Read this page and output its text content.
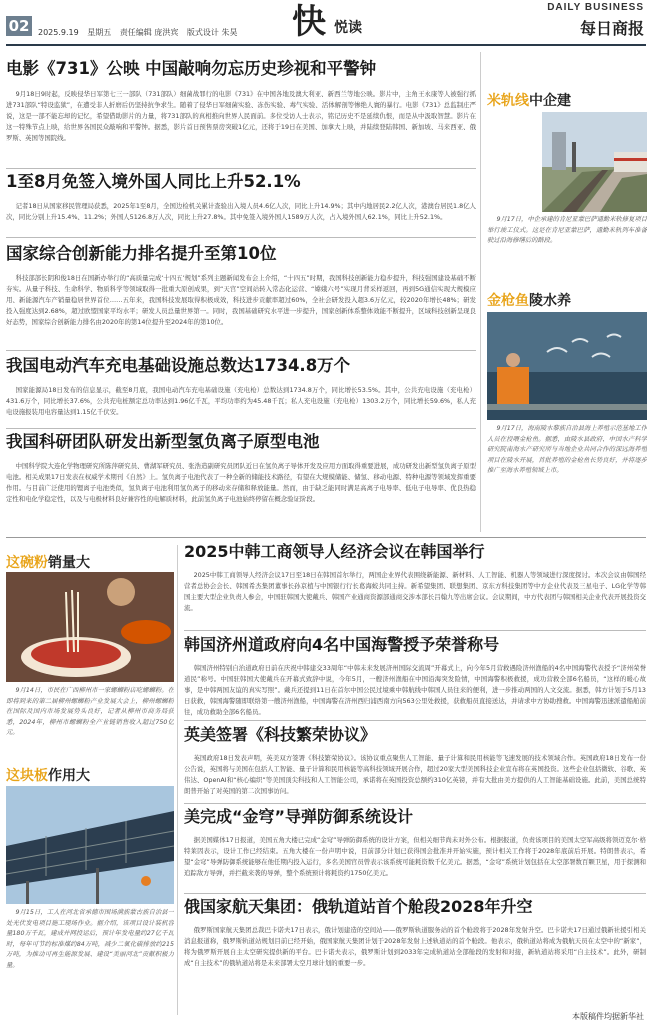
02	2025.9.19 星期五 责任编辑 庞洪宾 版式设计 朱昊 快 悦读
DAILY BUSINESS
每日商报
电影《731》公映 中国敲响勿忘历史珍视和平警钟
9月18日9时起，反映侵华日军第七三一部队（731部队）细菌战罪行的电影《731》在中国各地及澳大利亚、新西兰等地公映。影片中，主角王永康等人被强行抓进731部队“特设监狱”，在遭受非人折磨后仍坚持抗争求生。随着了侵华日军细菌实验、冻伤实验、毒气实验、活体解剖等惨绝人寰的暴行。电影《731》总监制庄严说，这是一部不能忘却的记忆，希望借助影片的力量，将731部队的真相推向世界人民面前。多位受访人士表示，铭记历史不是延续仇恨，而是从中汲取智慧。影片在这一特殊节点上映，给世界各国民众敲响和平警钟。据悉，影片首日预售票房突破1亿元，还将于19日在美国、加拿大上映，并陆续登陆韩国、新加坡、马来西亚、俄罗斯、英国等国院线。
1至8月免签入境外国人同比上升52.1%
记者18日从国家移民管理局获悉，2025年1至8月，全国边检机关累计查验出入境人员4.6亿人次，同比上升14.9%；其中内地居民2.2亿人次，港澳台居民1.8亿人次，同比分别上升15.4%、11.2%；外国人5126.8万人次，同比上升27.8%。其中免签入境外国人1589万人次，占入境外国人62.1%，同比上升52.1%。
国家综合创新能力排名提升至第10位
科技部部长阴和俊18日在国新办举行的“高质量完成‘十四五’规划”系列主题新闻发布会上介绍，“十四五”时期，我国科技创新能力稳步提升，科技强国建设基础不断夯实。从量子科技、生命科学、物质科学等领域取得一批重大原创成果，到“天宫”空间站转入常态化运营、“嫦娥六号”实现月背采样返回，再到5G通信实现大规模应用、新能源汽车产销量稳居世界首位……五年来，我国科技发展取得积极成效，科技进步贡献率超过60%，全社会研发投入超3.6万亿元，较2020年增长48%；研发投入强度达到2.68%，超过欧盟国家平均水平；研发人员总量世界第一。同时，我国基础研究水平进一步提升，国家创新体系整体效能不断提升，区域科技创新呈现良好态势，国家综合创新能力排名由2020年的第14位提升至2024年的第10位。
我国电动汽车充电基础设施总数达1734.8万个
国家能源局18日发布的信息显示，截至8月底，我国电动汽车充电基础设施（充电枪）总数达到1734.8万个，同比增长53.5%。其中，公共充电设施（充电枪）431.6万个，同比增长37.6%，公共充电桩额定总功率达到1.96亿千瓦，平均功率约为45.48千瓦；私人充电设施（充电枪）1303.2万个，同比增长59.6%，私人充电设施报装用电容量达到1.15亿千伏安。
我国科研团队研发出新型氢负离子原型电池
中国科学院大连化学物理研究所陈萍研究员、曹湖军研究员、张浩造副研究员团队近日在氢负离子导体开发及应用方面取得重要进展，成功研发出新型氢负离子原型电池。相关成果17日发表在权威学术期刊《自然》上。氢负离子电池代表了一种全新的储能技术路径，有望在大规模储能、储氢、移动电源、特种电源等领域发挥重要作用。与目前广泛使用的锂离子电池类似，氢负离子电池利用氢负离子的移动来存储和释放能量。然而，由于缺乏能同时满足高离子电导率、低电子电导率、优良热稳定性和电化学稳定性，以及与电极材料良好兼容性的电解质材料，此前氢负离子电池始终停留在概念验证阶段。
2025中韩工商领导人经济会议在韩国举行
2025中韩工商领导人经济会议17日至18日在韩国首尔举行，两国企业界代表围绕新能源、新材料、人工智能、机器人等领域进行深度探讨。本次会议由韩国经营者总协会会长、韩国希杰集团董事长孙京植与中国银行行长葛海蛟共同主持。新希望集团、联想集团、京东方科技集团等中方企业代表及三星电子、LG化学等韩国主要大型企业负责人参会，中国驻韩国大使戴兵、韩国产业通商资源部通商交涉本部长吕翰九等出席会议。会议期间，中方代表团与韩国相关企业代表开展投资交流。
韩国济州道政府向4名中国海警授予荣誉称号
韩国济州特别自治道政府日前在庆祝中韩建交33周年“中韩未来发展济州国际交流周”开幕式上，向今年5月营救遇险济州渔船的4名中国海警代表授予“济州荣誉道民”称号。中国驻韩国大使戴兵在开幕式致辞中说，今年5月，一艘济州渔船在中国沿海突发险情，中国海警积极救援，成功营救全部6名船员，“这样的暖心故事，是中韩两国友谊的真实写照”。戴兵还提到11日在首尔中国公民过境乘中韩航线中韩国人员往来的便利，进一步推动两国的人文交流。据悉，韩方计划于5月13日获救，韩国海警随即联络第一艘济州渔船，中国海警在济州西归浦西南方向563公里处救援，获救船员直接送达，并请求中方协助搜救。中国海警迅速派遣船舶前往，成功救助全部6名船员。
英美签署《科技繁荣协议》
英国政府18日发表声明，英美双方签署《科技繁荣协议》。该协议重点聚焦人工智能、量子计算和民用核能等飞速发展的技术领域合作。英国政府18日发布一份公告说，英国将与美国在包括人工智能、量子计算和民用核能等高科技领域开展合作，超过20家大型美国科技企业宣布将在英国投资。这些企业包括微软、谷歌、英伟达、OpenAI和“核心编织”等美国顶尖科技和人工智能公司，承诺将在英国投资总额约310亿英镑，并有大批由美方提供的人工智能基础设施。此前，美国总统特朗普开始了对英国的第二次国事访问。
美完成“金穹”导弹防御系统设计
据美国媒体17日报道，美国五角大楼已完成“金穹”导弹防御系统的设计方案，但相关细节尚未对外公布。根据报道，负责该项目的美国太空军高级将领迈克尔·格特莱因表示，设计工作已经结束。五角大楼在一份声明中说，目前部分计划已获得国会批准并开始实施，预计相关工作将于2028年底前后开展。特朗普表示，希望“金穹”导弹防御系统能够在他任期内投入运行，多名美国官员曾表示该系统可能耗资数千亿美元。据悉，“金穹”系统计划包括在太空部署数百颗卫星，用于探测和追踪敌方导弹，并拦截来袭的导弹，整个系统预计将耗资约1750亿美元。
俄国家航天集团：俄轨道站首个舱段2028年升空
俄罗斯国家航天集团总裁巴卡诺夫17日表示，俄计划建造的空间站——俄罗斯轨道服务站的首个舱段将于2028年发射升空。巴卡诺夫17日通过俄新社援引相关消息报道称，俄罗斯轨道站规划目前已经开始，俄国家航天集团计划于2028年发射上述轨道站的首个舱段。他表示，俄轨道站将成为俄航天员在太空中的“新家”，将为俄罗斯开展自主太空研究提供新的平台。巴卡诺夫表示，俄罗斯计划到2033年完成轨道站全部舱段的发射和对接，新轨道站将采用“自主技术”。此外，研制成“自主技术”的俄轨道站将是未来部署太空月球计划的重要一步。
米轨线中企建
9月17日，中企承建的肯尼亚蒙巴萨通勤米轨修复项目举行竣工仪式。这是在肯尼亚蒙巴萨，通勤米轨列车准备驶过沿海修缮后的路段。
金枪鱼陵水养
9月17日，海南陵水黎族自治县海上养殖示范基地工作人员在投喂金枪鱼。据悉，由陵水县政府、中国水产科学研究院南海水产研究所与当地企业共同合作的深远海养殖项目在陵水开展，首批养殖的金枪鱼长势良好，并将逐步推广至海水养殖领域上市。
这碗粉销量大
9月14日，市民在广西柳州市一家螺蛳粉店吃螺蛳粉。在即将到来的第二届柳州螺蛳粉产业发展大会上，柳州螺蛳粉在国际及国内市场发展势头良好，记者从柳州市商务局获悉，2024年，柳州市螺蛳粉全产业链销售收入超过750亿元。
这块板作用大
9月15日，工人在河北省承德市围场满族蒙古族自治县一处光伏发电项目施工现场作业。据介绍，该项目设计装机容量180万千瓦，建成并网投运后，预计年发电量约27亿千瓦时，每年可节约标准煤约84万吨，减少二氧化碳排放约215万吨，为推动可再生能源发展、建设“美丽河北”贡献积极力量。
本版稿件均据新华社
